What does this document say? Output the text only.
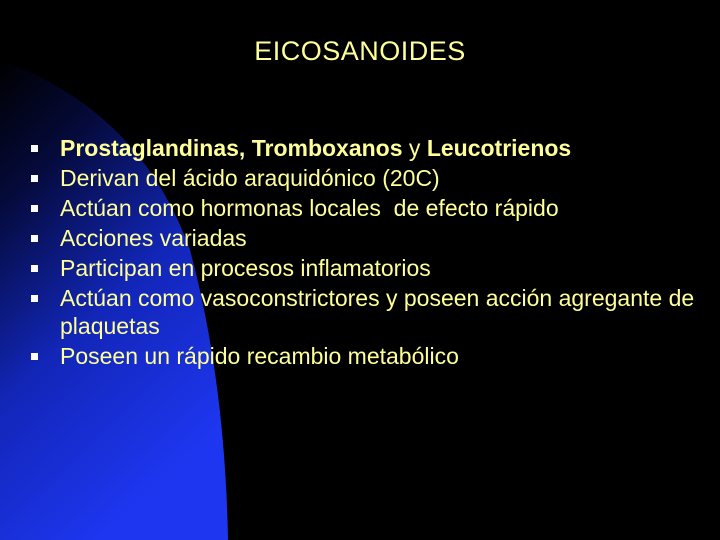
EICOSANOIDES
Prostaglandinas, Tromboxanos y Leucotrienos
Derivan del ácido araquidónico (20C)
Actúan como hormonas locales  de efecto rápido
Acciones variadas
Participan en procesos inflamatorios
Actúan como vasoconstrictores y poseen acción agregante de plaquetas
Poseen un rápido recambio metabólico
